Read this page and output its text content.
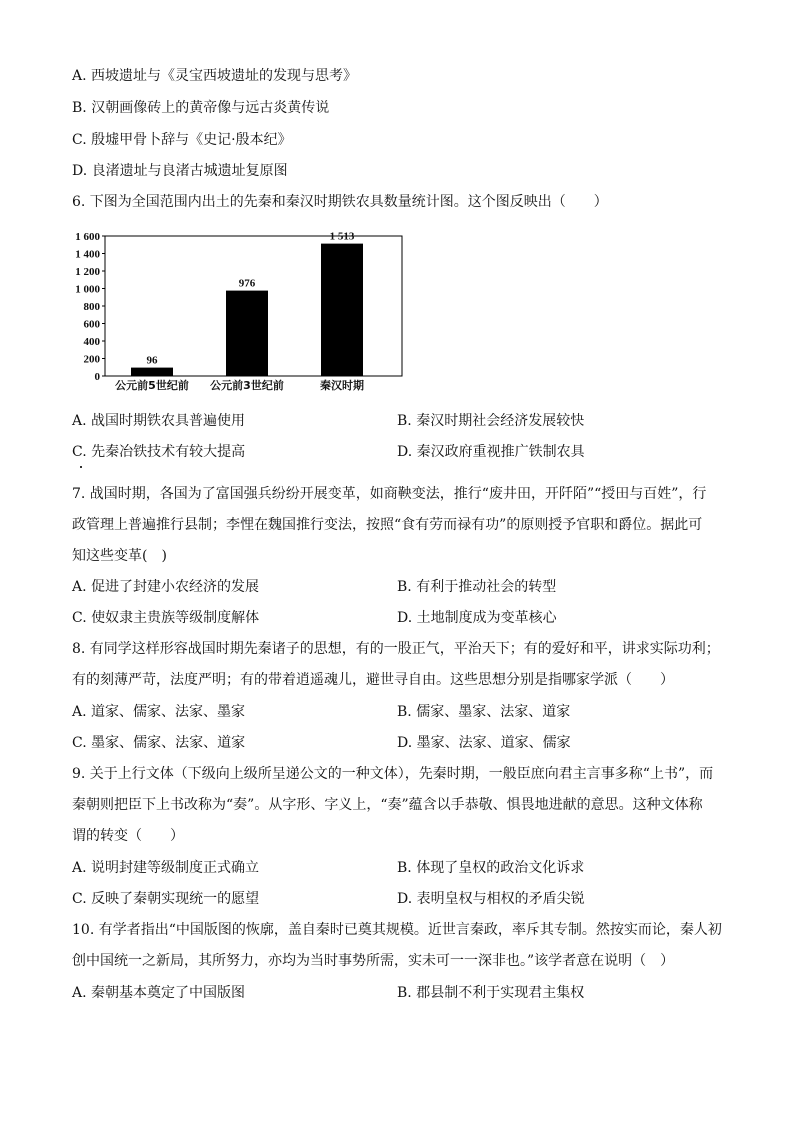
A. 西坡遗址与《灵宝西坡遗址的发现与思考》
B. 汉朝画像砖上的黄帝像与远古炎黄传说
C. 殷墟甲骨卜辞与《史记·殷本纪》
D. 良渚遗址与良渚古城遗址复原图
6. 下图为全国范围内出土的先秦和秦汉时期铁农具数量统计图。这个图反映出（　　）
0
200
400
600
800
1 000
1 200
1 400
1 600
96
976
1 513
公元前5世纪前 公元前3世纪前	秦汉时期
A. 战国时期铁农具普遍使用	B. 秦汉时期社会经济发展较快
C. 先秦冶铁技术有较大提高	D. 秦汉政府重视推广铁制农具
7. 战国时期，各国为了富国强兵纷纷开展变革，如商鞅变法，推行“废井田，开阡陌”“授田与百姓”，行
政管理上普遍推行县制；李悝在魏国推行变法，按照“食有劳而禄有功”的原则授予官职和爵位。据此可
知这些变革(　)
A. 促进了封建小农经济的发展	B. 有利于推动社会的转型
C. 使奴隶主贵族等级制度解体	D. 土地制度成为变革核心
8. 有同学这样形容战国时期先秦诸子的思想，有的一股正气，平治天下；有的爱好和平，讲求实际功利；
有的刻薄严苛，法度严明；有的带着逍遥魂儿，避世寻自由。这些思想分别是指哪家学派（　　）
A. 道家、儒家、法家、墨家	B. 儒家、墨家、法家、道家
C. 墨家、儒家、法家、道家	D. 墨家、法家、道家、儒家
9. 关于上行文体（下级向上级所呈递公文的一种文体），先秦时期，一般臣庶向君主言事多称“上书”，而
秦朝则把臣下上书改称为“奏”。从字形、字义上，“奏”蕴含以手恭敬、惧畏地进献的意思。这种文体称
谓的转变（　　）
A. 说明封建等级制度正式确立	B. 体现了皇权的政治文化诉求
C. 反映了秦朝实现统一的愿望	D. 表明皇权与相权的矛盾尖锐
10. 有学者指出“中国版图的恢廓，盖自秦时已奠其规模。近世言秦政，率斥其专制。然按实而论，秦人初
创中国统一之新局，其所努力，亦均为当时事势所需，实未可一一深非也。”该学者意在说明（　）
A. 秦朝基本奠定了中国版图	B. 郡县制不利于实现君主集权
